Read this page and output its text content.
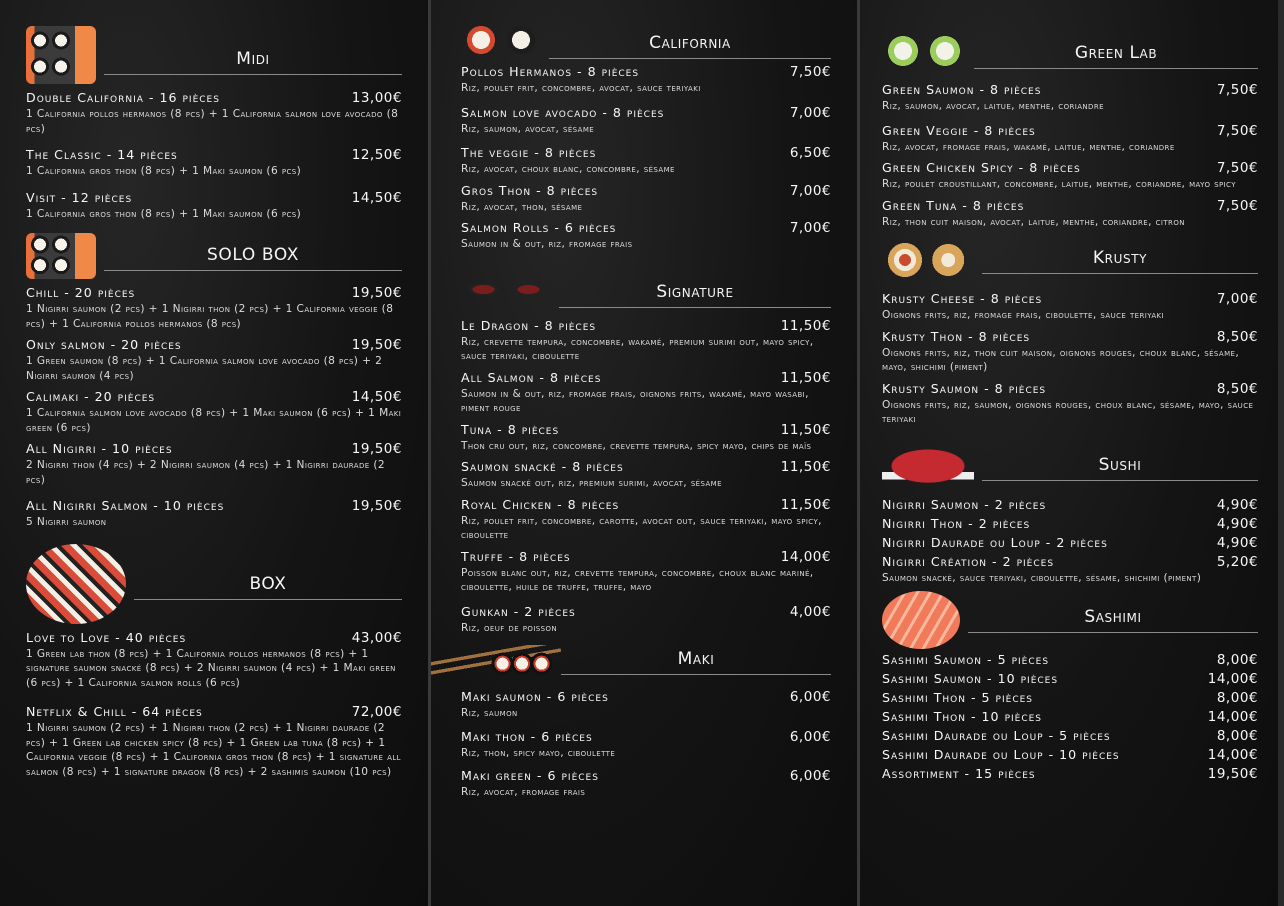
Midi
Double California - 16 pièces	13,00€
1 California pollos hermanos (8 pcs) + 1 California salmon love avocado (8 pcs)
The Classic - 14 pièces	12,50€
1 California gros thon (8 pcs) + 1 Maki saumon (6 pcs)
Visit - 12 pièces	14,50€
1 California gros thon (8 pcs) + 1 Maki saumon (6 pcs)
SOLO BOX
Chill - 20 pièces	19,50€
1 Nigirri saumon (2 pcs) + 1 Nigirri thon (2 pcs) + 1 California veggie (8 pcs) + 1 California pollos hermanos (8 pcs)
Only salmon - 20 pièces	19,50€
1 Green saumon (8 pcs) + 1 California salmon love avocado (8 pcs) + 2 Nigirri saumon (4 pcs)
Calimaki - 20 pièces	14,50€
1 California salmon love avocado (8 pcs) + 1 Maki saumon (6 pcs) + 1 Maki green (6 pcs)
All Nigirri - 10 pièces	19,50€
2 Nigirri thon (4 pcs) + 2 Nigirri saumon (4 pcs) + 1 Nigirri daurade (2 pcs)
All Nigirri Salmon - 10 pièces	19,50€
5 Nigirri saumon
BOX
Love to Love - 40 pièces	43,00€
1 Green lab thon (8 pcs) + 1 California pollos hermanos (8 pcs) + 1 signature saumon snacké (8 pcs) + 2 Nigirri saumon (4 pcs) + 1 Maki green (6 pcs) + 1 California salmon rolls (6 pcs)
Netflix & Chill - 64 pièces	72,00€
1 Nigirri saumon (2 pcs) + 1 Nigirri thon (2 pcs) + 1 Nigirri daurade (2 pcs) + 1 Green lab chicken spicy (8 pcs) + 1 Green lab tuna (8 pcs) + 1 California veggie (8 pcs) + 1 California gros thon (8 pcs) + 1 signature all salmon (8 pcs) + 1 signature dragon (8 pcs) + 2 sashimis saumon (10 pcs)
California
Pollos Hermanos - 8 pièces	7,50€
Riz, poulet frit, concombre, avocat, sauce teriyaki
Salmon love avocado - 8 pièces	7,00€
Riz, saumon, avocat, sésame
The veggie - 8 pièces	6,50€
Riz, avocat, choux blanc, concombre, sésame
Gros Thon - 8 pièces	7,00€
Riz, avocat, thon, sésame
Salmon Rolls - 6 pièces	7,00€
Saumon in & out, riz, fromage frais
Signature
Le Dragon - 8 pièces	11,50€
Riz, crevette tempura, concombre, wakamé, premium surimi out, mayo spicy, sauce teriyaki, ciboulette
All Salmon - 8 pièces	11,50€
Saumon in & out, riz, fromage frais, oignons frits, wakamé, mayo wasabi, piment rouge
Tuna - 8 pièces	11,50€
Thon cru out, riz, concombre, crevette tempura, spicy mayo, chips de maïs
Saumon snacké - 8 pièces	11,50€
Saumon snacké out, riz, premium surimi, avocat, sésame
Royal Chicken - 8 pièces	11,50€
Riz, poulet frit, concombre, carotte, avocat out, sauce teriyaki, mayo spicy, ciboulette
Truffe - 8 pièces	14,00€
Poisson blanc out, riz, crevette tempura, concombre, choux blanc mariné, ciboulette, huile de truffe, truffe, mayo
Gunkan - 2 pièces	4,00€
Riz, oeuf de poisson
Maki
Maki saumon - 6 pièces	6,00€
Riz, saumon
Maki thon - 6 pièces	6,00€
Riz, thon, spicy mayo, ciboulette
Maki green - 6 pièces	6,00€
Riz, avocat, fromage frais
Green Lab
Green Saumon - 8 pièces	7,50€
Riz, saumon, avocat, laitue, menthe, coriandre
Green Veggie - 8 pièces	7,50€
Riz, avocat, fromage frais, wakamé, laitue, menthe, coriandre
Green Chicken Spicy - 8 pièces	7,50€
Riz, poulet croustillant, concombre, laitue, menthe, coriandre, mayo spicy
Green Tuna - 8 pièces	7,50€
Riz, thon cuit maison, avocat, laitue, menthe, coriandre, citron
Krusty
Krusty Cheese - 8 pièces	7,00€
Oignons frits, riz, fromage frais, ciboulette, sauce teriyaki
Krusty Thon - 8 pièces	8,50€
Oignons frits, riz, thon cuit maison, oignons rouges, choux blanc, sésame, mayo, shichimi (piment)
Krusty Saumon - 8 pièces	8,50€
Oignons frits, riz, saumon, oignons rouges, choux blanc, sésame, mayo, sauce teriyaki
Sushi
Nigirri Saumon - 2 pièces	4,90€
Nigirri Thon - 2 pièces	4,90€
Nigirri Daurade ou Loup - 2 pièces	4,90€
Nigirri Création - 2 pièces	5,20€
Saumon snacké, sauce teriyaki, ciboulette, sésame, shichimi (piment)
Sashimi
Sashimi Saumon - 5 pièces	8,00€
Sashimi Saumon - 10 pièces	14,00€
Sashimi Thon - 5 pièces	8,00€
Sashimi Thon - 10 pièces	14,00€
Sashimi Daurade ou Loup - 5 pièces	8,00€
Sashimi Daurade ou Loup - 10 pièces	14,00€
Assortiment - 15 pièces	19,50€
